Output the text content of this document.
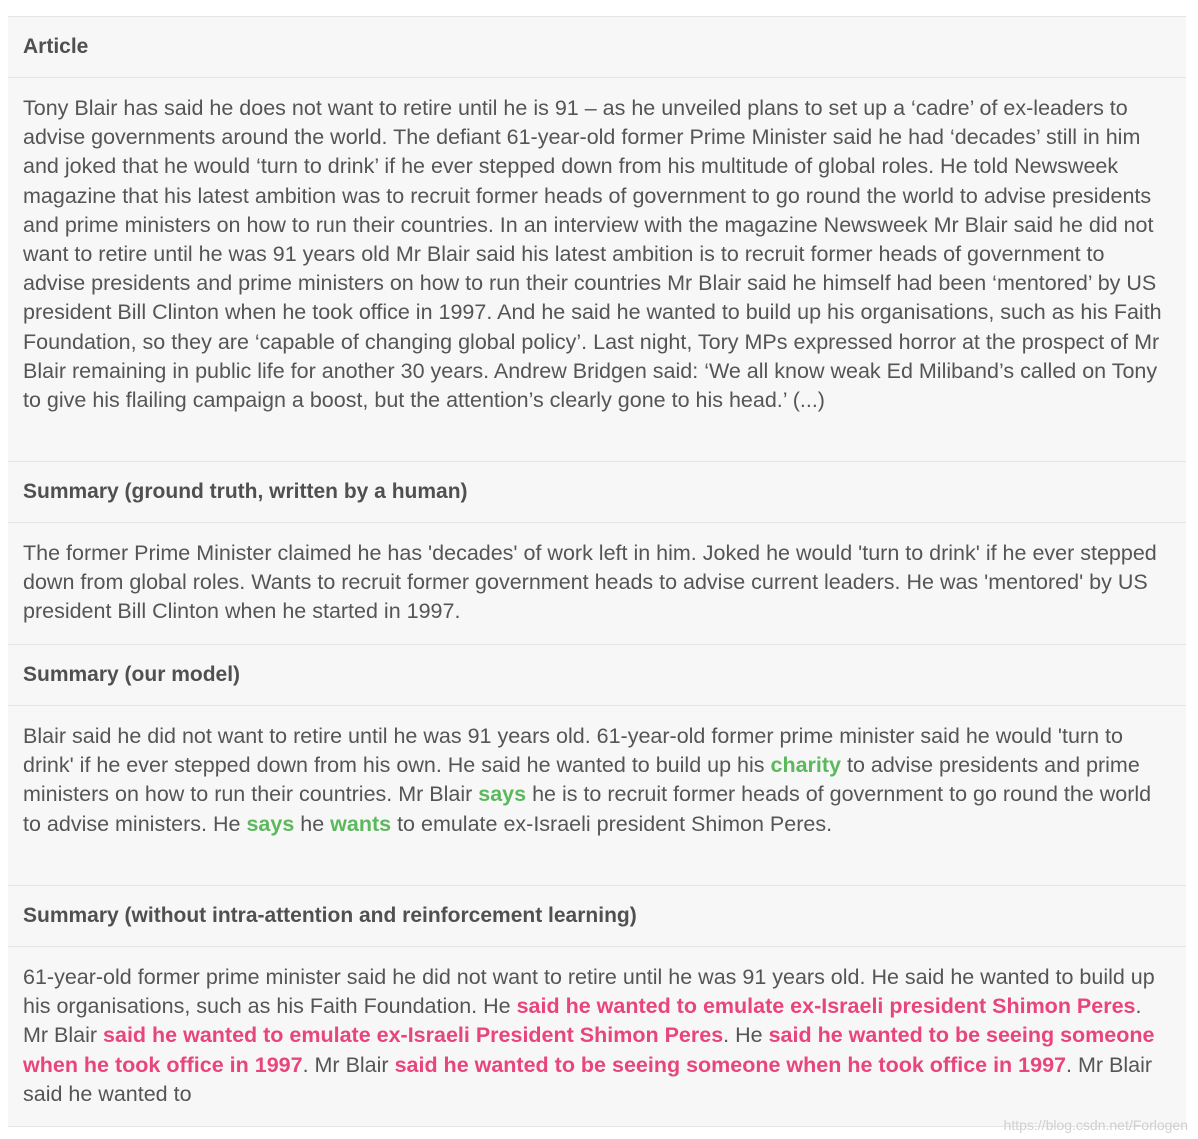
Article
Tony Blair has said he does not want to retire until he is 91 – as he unveiled plans to set up a ‘cadre’ of ex-leaders to advise governments around the world. The defiant 61-year-old former Prime Minister said he had ‘decades’ still in him and joked that he would ‘turn to drink’ if he ever stepped down from his multitude of global roles. He told Newsweek magazine that his latest ambition was to recruit former heads of government to go round the world to advise presidents and prime ministers on how to run their countries. In an interview with the magazine Newsweek Mr Blair said he did not want to retire until he was 91 years old Mr Blair said his latest ambition is to recruit former heads of government to advise presidents and prime ministers on how to run their countries Mr Blair said he himself had been ‘mentored’ by US president Bill Clinton when he took office in 1997. And he said he wanted to build up his organisations, such as his Faith Foundation, so they are ‘capable of changing global policy’. Last night, Tory MPs expressed horror at the prospect of Mr Blair remaining in public life for another 30 years. Andrew Bridgen said: ‘We all know weak Ed Miliband’s called on Tony to give his flailing campaign a boost, but the attention’s clearly gone to his head.’ (...)
Summary (ground truth, written by a human)
The former Prime Minister claimed he has 'decades' of work left in him. Joked he would 'turn to drink' if he ever stepped down from global roles. Wants to recruit former government heads to advise current leaders. He was 'mentored' by US president Bill Clinton when he started in 1997.
Summary (our model)
Blair said he did not want to retire until he was 91 years old. 61-year-old former prime minister said he would 'turn to drink' if he ever stepped down from his own. He said he wanted to build up his charity to advise presidents and prime ministers on how to run their countries. Mr Blair says he is to recruit former heads of government to go round the world to advise ministers. He says he wants to emulate ex-Israeli president Shimon Peres.
Summary (without intra-attention and reinforcement learning)
61-year-old former prime minister said he did not want to retire until he was 91 years old. He said he wanted to build up his organisations, such as his Faith Foundation. He said he wanted to emulate ex-Israeli president Shimon Peres. Mr Blair said he wanted to emulate ex-Israeli President Shimon Peres. He said he wanted to be seeing someone when he took office in 1997. Mr Blair said he wanted to be seeing someone when he took office in 1997. Mr Blair said he wanted to
https://blog.csdn.net/Forlogen
